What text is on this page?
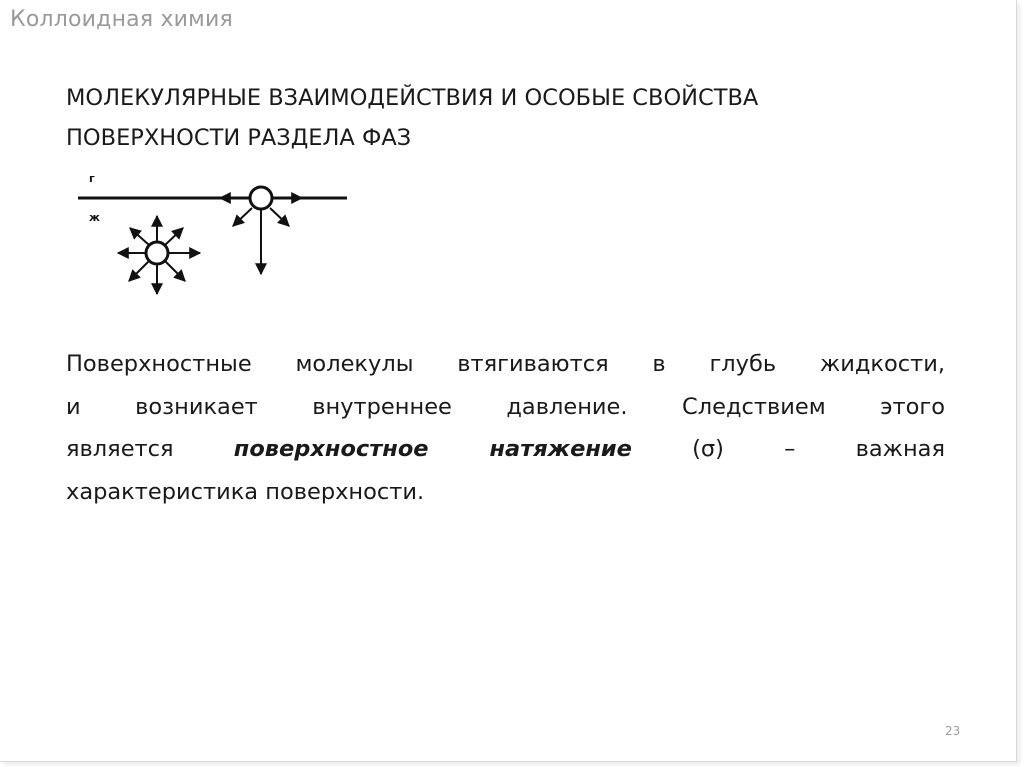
Коллоидная химия
МОЛЕКУЛЯРНЫЕ ВЗАИМОДЕЙСТВИЯ И ОСОБЫЕ СВОЙСТВА
ПОВЕРХНОСТИ РАЗДЕЛА ФАЗ
г
ж
Поверхностные молекулы втягиваются в глубь жидкости,
и возникает внутреннее давление. Следствием этого
является поверхностное натяжение (σ) – важная
характеристика поверхности.
23
